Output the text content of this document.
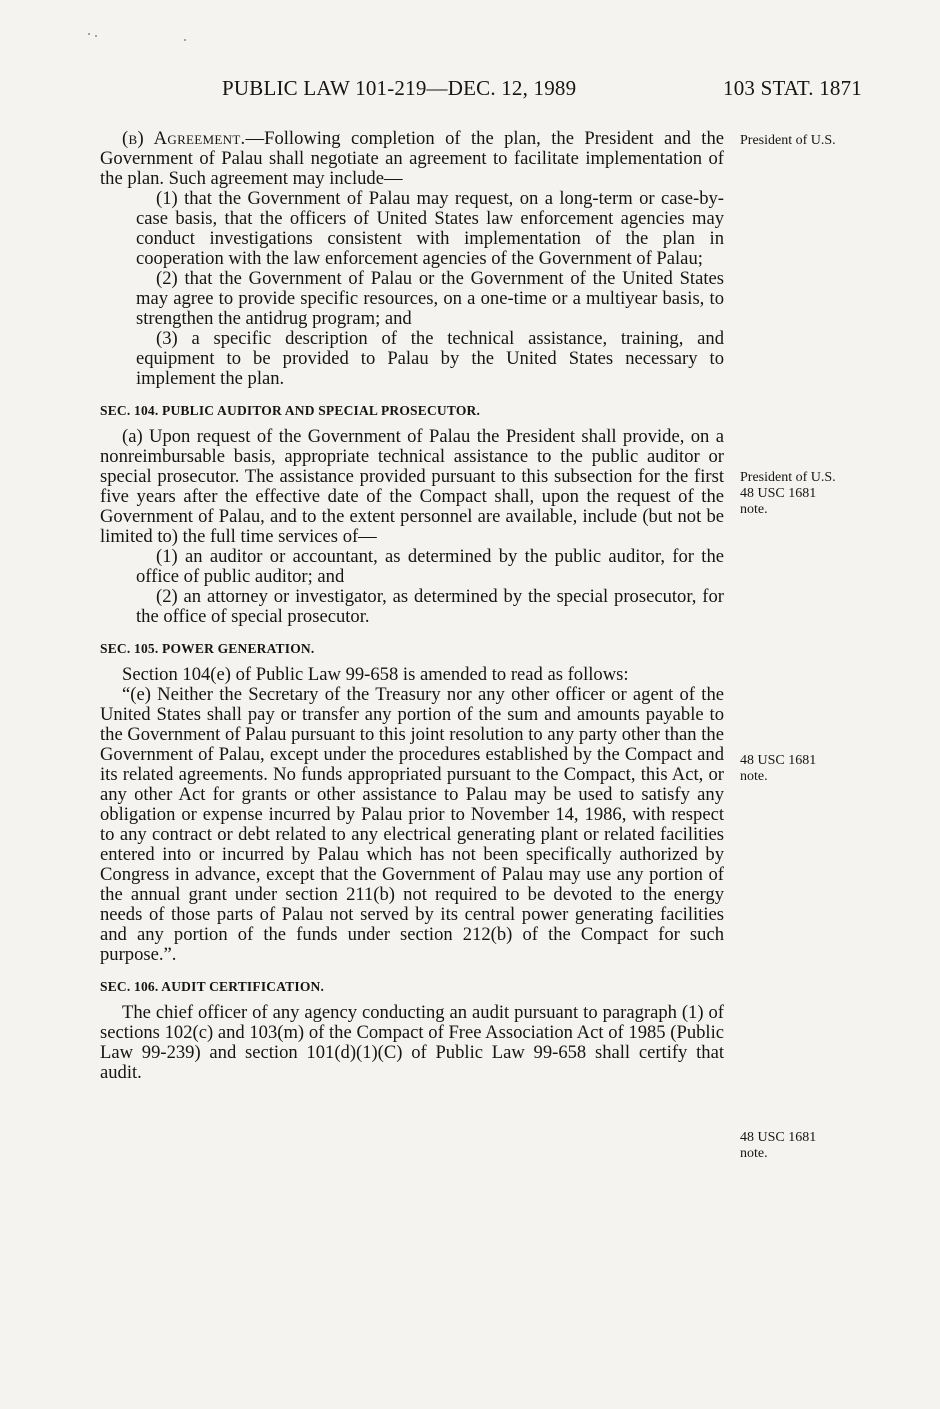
PUBLIC LAW 101-219—DEC. 12, 1989	103 STAT. 1871

(b) Agreement.—Following completion of the plan, the President and the Government of Palau shall negotiate an agreement to facilitate implementation of the plan. Such agreement may include—

(1) that the Government of Palau may request, on a long-term or case-by-case basis, that the officers of United States law enforcement agencies may conduct investigations consistent with implementation of the plan in cooperation with the law enforcement agencies of the Government of Palau;

(2) that the Government of Palau or the Government of the United States may agree to provide specific resources, on a one-time or a multiyear basis, to strengthen the antidrug program; and

(3) a specific description of the technical assistance, training, and equipment to be provided to Palau by the United States necessary to implement the plan.

SEC. 104. PUBLIC AUDITOR AND SPECIAL PROSECUTOR.

(a) Upon request of the Government of Palau the President shall provide, on a nonreimbursable basis, appropriate technical assistance to the public auditor or special prosecutor. The assistance provided pursuant to this subsection for the first five years after the effective date of the Compact shall, upon the request of the Government of Palau, and to the extent personnel are available, include (but not be limited to) the full time services of—

(1) an auditor or accountant, as determined by the public auditor, for the office of public auditor; and

(2) an attorney or investigator, as determined by the special prosecutor, for the office of special prosecutor.

SEC. 105. POWER GENERATION.

Section 104(e) of Public Law 99-658 is amended to read as follows:

“(e) Neither the Secretary of the Treasury nor any other officer or agent of the United States shall pay or transfer any portion of the sum and amounts payable to the Government of Palau pursuant to this joint resolution to any party other than the Government of Palau, except under the procedures established by the Compact and its related agreements. No funds appropriated pursuant to the Compact, this Act, or any other Act for grants or other assistance to Palau may be used to satisfy any obligation or expense incurred by Palau prior to November 14, 1986, with respect to any contract or debt related to any electrical generating plant or related facilities entered into or incurred by Palau which has not been specifically authorized by Congress in advance, except that the Government of Palau may use any portion of the annual grant under section 211(b) not required to be devoted to the energy needs of those parts of Palau not served by its central power generating facilities and any portion of the funds under section 212(b) of the Compact for such purpose.”.

SEC. 106. AUDIT CERTIFICATION.

The chief officer of any agency conducting an audit pursuant to paragraph (1) of sections 102(c) and 103(m) of the Compact of Free Association Act of 1985 (Public Law 99-239) and section 101(d)(1)(C) of Public Law 99-658 shall certify that audit.

President of U.S.
President of U.S.
48 USC 1681
note.
48 USC 1681
note.
48 USC 1681
note.
